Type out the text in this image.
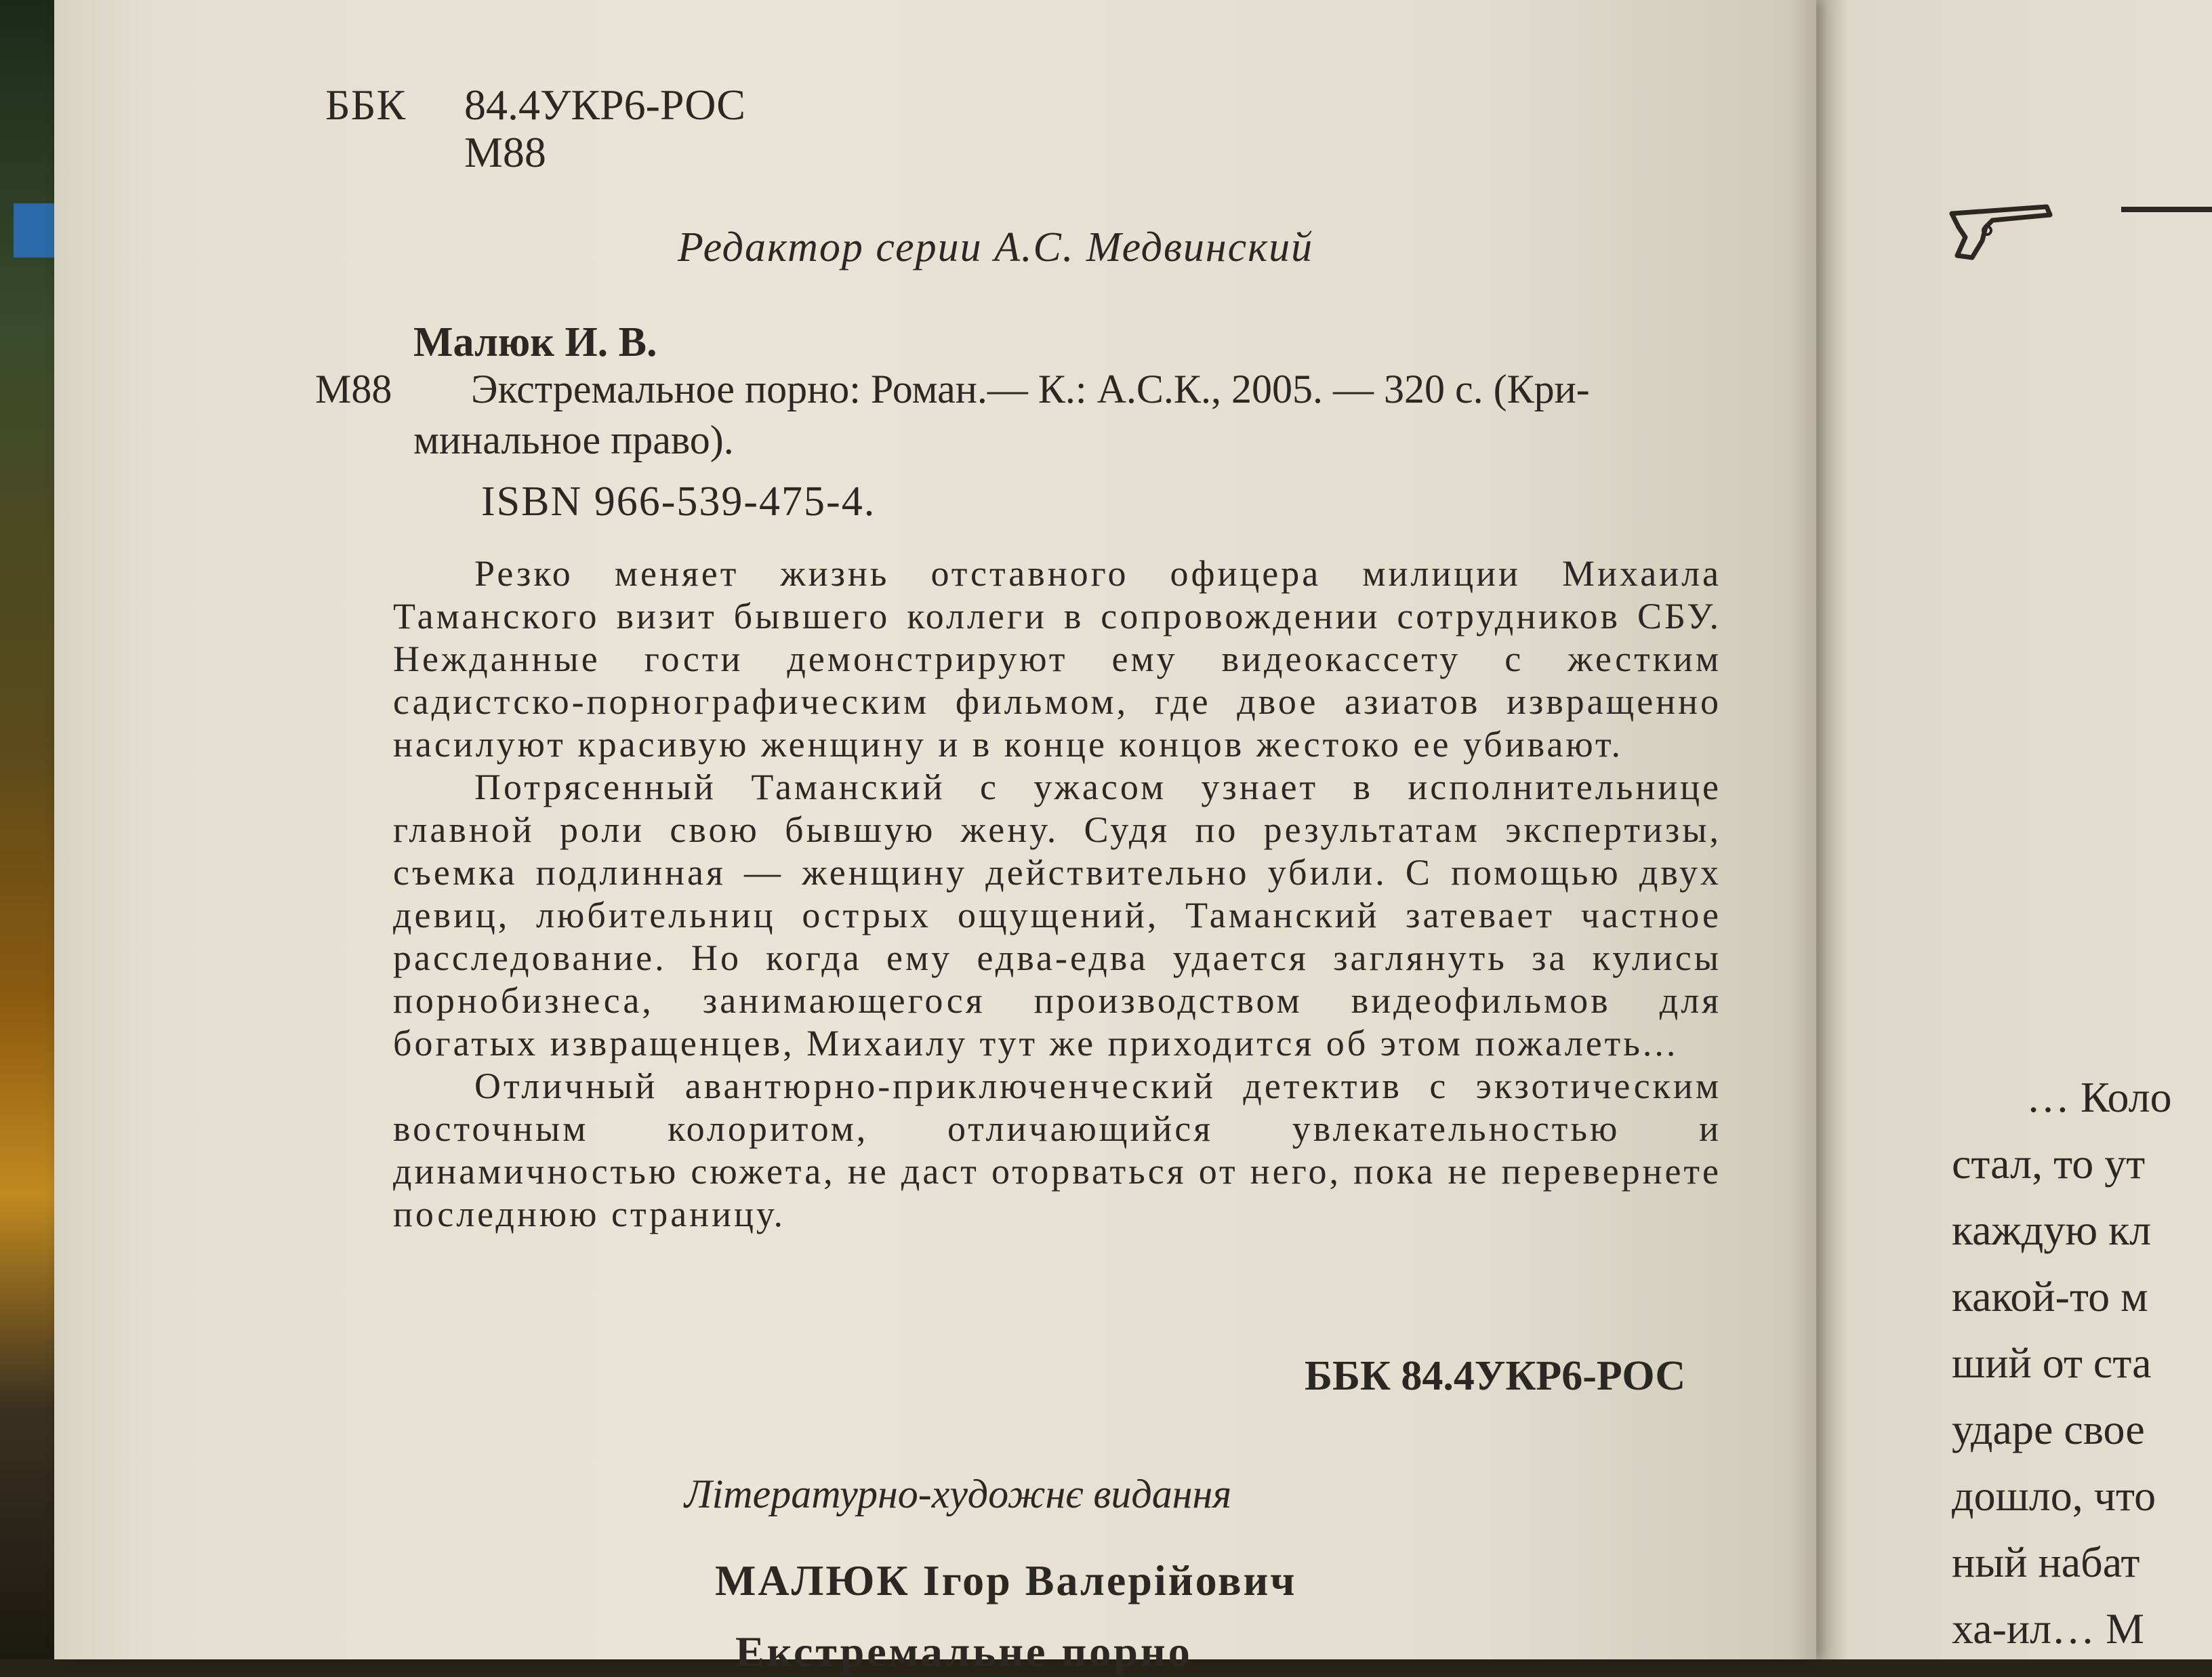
ББК 84.4УКР6-РОС
М88
Редактор серии А.С. Медвинский
Малюк И. В.
М88 Экстремальное порно: Роман.— К.: А.С.К., 2005. — 320 с. (Кри-
минальное право).
ISBN 966-539-475-4.

Резко меняет жизнь отставного офицера милиции Михаила Таманского визит бывшего коллеги в сопровождении сотрудников СБУ. Нежданные гости демонстрируют ему видеокассету с жестким садистско-порнографическим фильмом, где двое азиатов извращенно насилуют красивую женщину и в конце концов жестоко ее убивают.

Потрясенный Таманский с ужасом узнает в исполнительнице главной роли свою бывшую жену. Судя по результатам экспертизы, съемка подлинная — женщину действительно убили. С помощью двух девиц, любительниц острых ощущений, Таманский затевает частное расследование. Но когда ему едва-едва удается заглянуть за кулисы порнобизнеса, занимающегося производством видеофильмов для богатых извращенцев, Михаилу тут же приходится об этом пожалеть...

Отличный авантюрно-приключенческий детектив с экзотическим восточным колоритом, отличающийся увлекательностью и динамичностью сюжета, не даст оторваться от него, пока не перевернете последнюю страницу.

ББК 84.4УКР6-РОС
Літературно-художнє видання
МАЛЮК Ігор Валерійович
Екстремальне порно
… Коло
стал, то ут
каждую кл
какой-то м
ший от ста
ударе свое
дошло, что
ный набат
ха-ил… М
